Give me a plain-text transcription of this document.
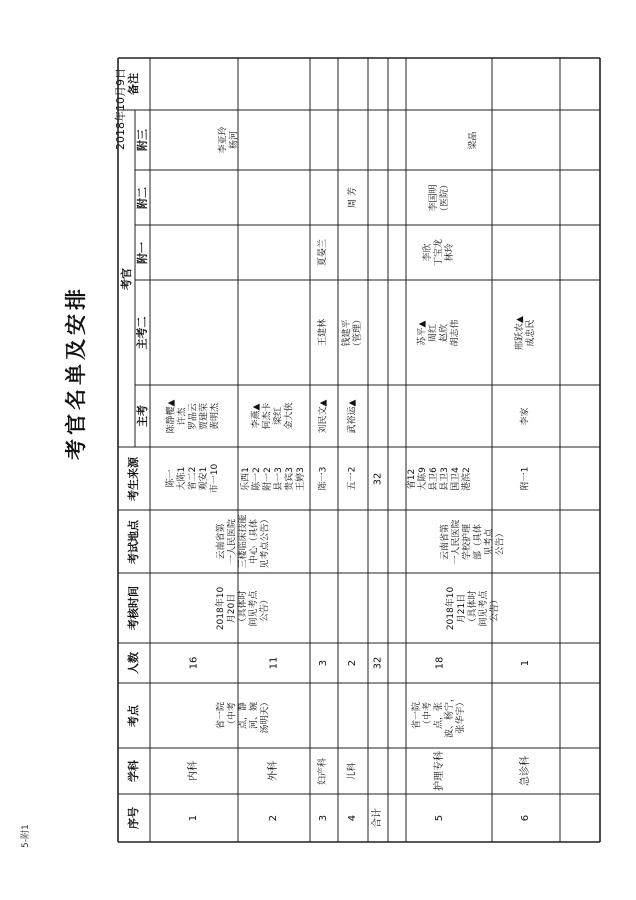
5-附1
考官名单及安排
2018年10月9日
序号
学科
考点
人数
考核时间
考试地点
考生来源
考官
主考
主考二
附一
附二
附三
备注
1
内科
16
陈一
大陈1
省二2
观安1
市一10
陈静樱▲
许杰
罗晶云
贾建荣
黄明杰
省一院
（中考
点，静
河、婉
汤明天）
2018年10
月20日
（具体时
间见考点
公告）
云南省第
一人民医院
三楼临床技能
中心（具体
见考点公告）
2
外科
11
乐西1
陈一2
附一2
县一3
贵宾3
王婷3
李燕▲
何杰卡
梁红
金大侠
李亚玲
杨河
3
妇产科
3
陈一3
刘民文▲
王建林
夏晏兰
4
儿科
2
五一2
武裕运▲
钱建平
（管理）
周 芳
合计
32
32
5
护理专科
18
省12
大陈9
县卫6
县卫3
国卫4
港滨2
苏平▲
周红
赵欣
胡志伟
李欣
丁宝龙
林玲
李国明
（医院）
梁晶
省一院
（中考
点，张
波、杨宁，
张华宇）
2018年10
月21日
（具体时
间见考点
公告）
云南省第
一人民医院
学校护理
部（具体
见考点
公告）
6
急诊科
1
附一1
李家
邢跃农▲
成忠民
